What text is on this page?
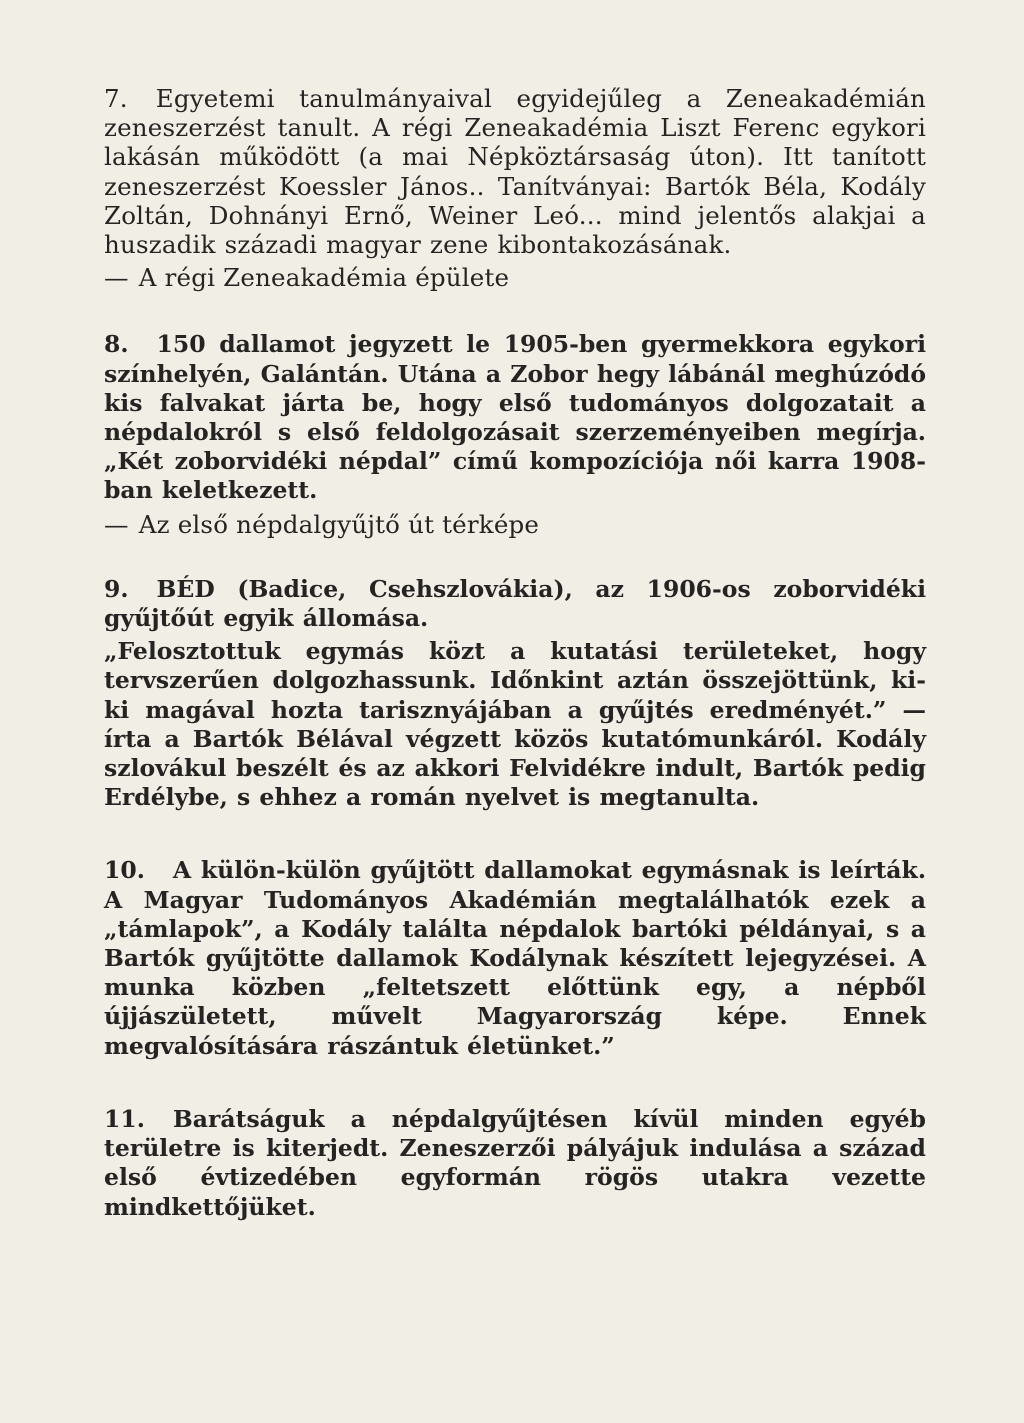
7. Egyetemi tanulmányaival egyidejűleg a Zeneakadémián zeneszerzést tanult. A régi Zeneakadémia Liszt Ferenc egykori lakásán működött (a mai Népköztársaság úton). Itt tanított zeneszerzést Koessler János.. Tanítványai: Bartók Béla, Kodály Zoltán, Dohnányi Ernő, Weiner Leó... mind jelentős alakjai a huszadik századi magyar zene kibontakozásának.

— A régi Zeneakadémia épülete

8. 150 dallamot jegyzett le 1905-ben gyermekkora egykori színhelyén, Galántán. Utána a Zobor hegy lábánál meghúzódó kis falvakat járta be, hogy első tudományos dolgozatait a népdalokról s első feldolgozásait szerzeményeiben megírja. „Két zoborvidéki népdal” című kompozíciója női karra 1908-ban keletkezett.

— Az első népdalgyűjtő út térképe

9. BÉD (Badice, Csehszlovákia), az 1906-os zoborvidéki gyűjtőút egyik állomása.

„Felosztottuk egymás közt a kutatási területeket, hogy tervszerűen dolgozhassunk. Időnkint aztán összejöttünk, ki-ki magával hozta tarisznyájában a gyűjtés eredményét.” — írta a Bartók Bélával végzett közös kutatómunkáról. Kodály szlovákul beszélt és az akkori Felvidékre indult, Bartók pedig Erdélybe, s ehhez a román nyelvet is megtanulta.

10. A külön-külön gyűjtött dallamokat egymásnak is leírták. A Magyar Tudományos Akadémián megtalálhatók ezek a „támlapok”, a Kodály találta népdalok bartóki példányai, s a Bartók gyűjtötte dallamok Kodálynak készített lejegyzései. A munka közben „feltetszett előttünk egy, a népből újjászületett, művelt Magyarország képe. Ennek megvalósítására rászántuk életünket.”

11. Barátságuk a népdalgyűjtésen kívül minden egyéb területre is kiterjedt. Zeneszerzői pályájuk indulása a század első évtizedében egyformán rögös utakra vezette mindkettőjüket.
